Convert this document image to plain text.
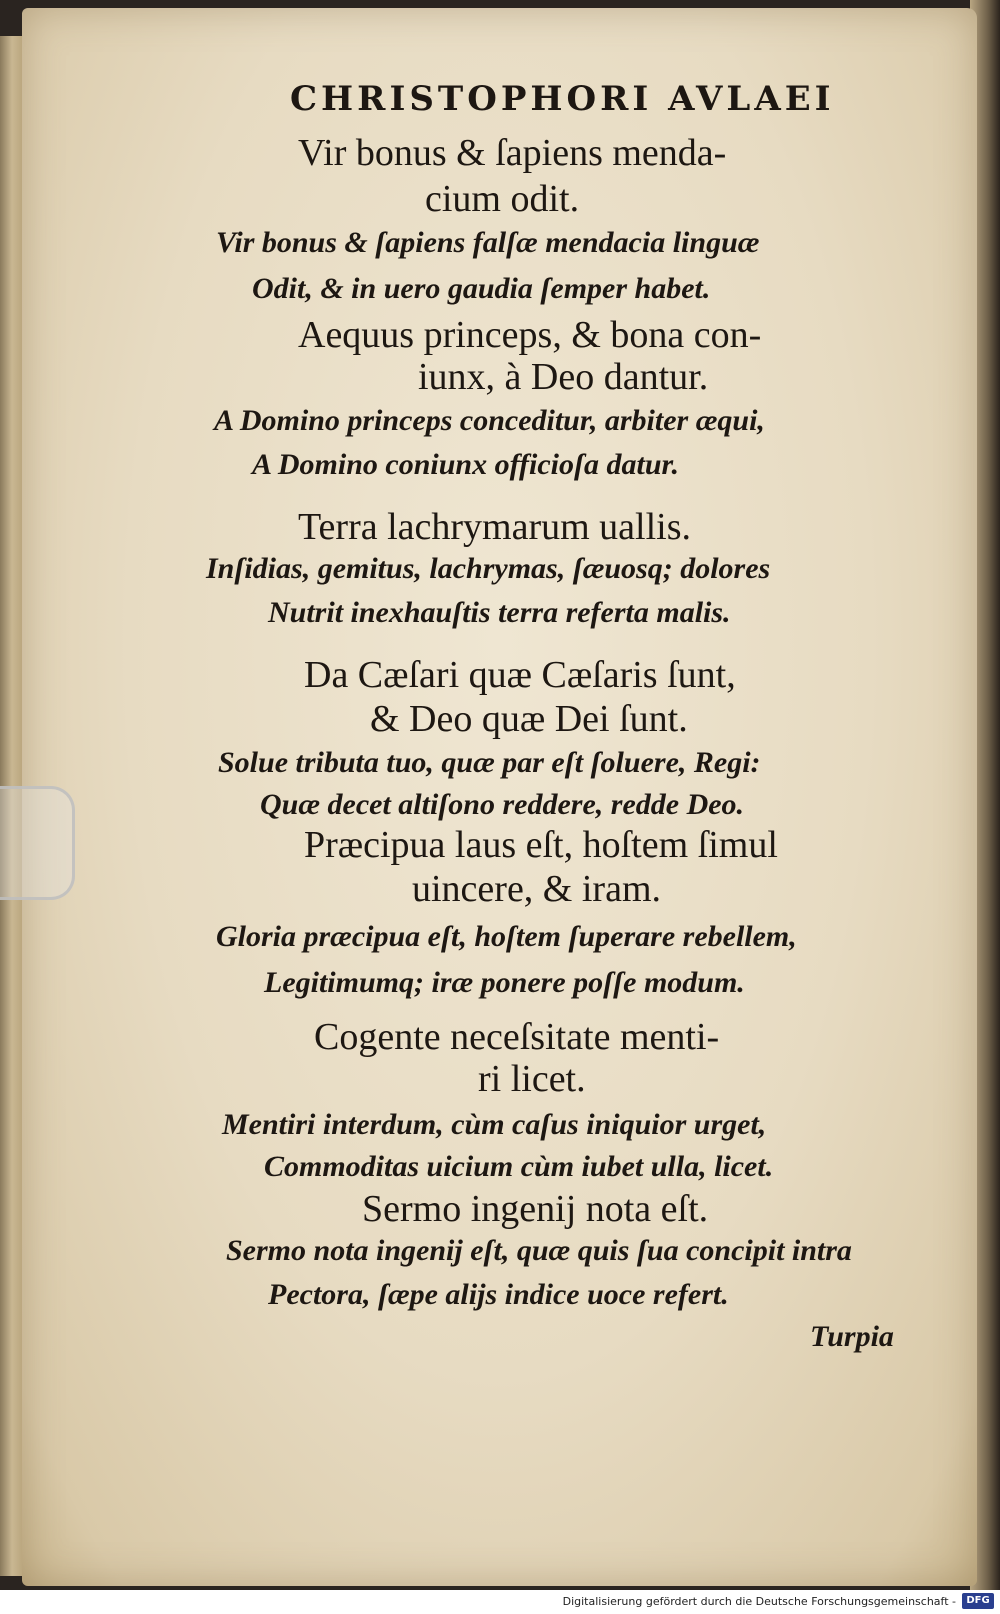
CHRISTOPHORI AVLAEI
Vir bonus & ſapiens menda-
cium odit.
Vir bonus & ſapiens falſæ mendacia linguæ
Odit, & in uero gaudia ſemper habet.
Aequus princeps, & bona con-
iunx, à Deo dantur.
A Domino princeps conceditur, arbiter æqui,
A Domino coniunx officioſa datur.
Terra lachrymarum uallis.
Inſidias, gemitus, lachrymas, ſæuosq; dolores
Nutrit inexhauſtis terra referta malis.
Da Cæſari quæ Cæſaris ſunt,
& Deo quæ Dei ſunt.
Solue tributa tuo, quæ par eſt ſoluere, Regi:
Quæ decet altiſono reddere, redde Deo.
Præcipua laus eſt, hoſtem ſimul
uincere, & iram.
Gloria præcipua eſt, hoſtem ſuperare rebellem,
Legitimumq; iræ ponere poſſe modum.
Cogente neceſsitate menti-
ri licet.
Mentiri interdum, cùm caſus iniquior urget,
Commoditas uicium cùm iubet ulla, licet.
Sermo ingenij nota eſt.
Sermo nota ingenij eſt, quæ quis ſua concipit intra
Pectora, ſæpe alijs indice uoce refert.
Turpia
Digitalisierung gefördert durch die Deutsche Forschungsgemeinschaft -	DFG
